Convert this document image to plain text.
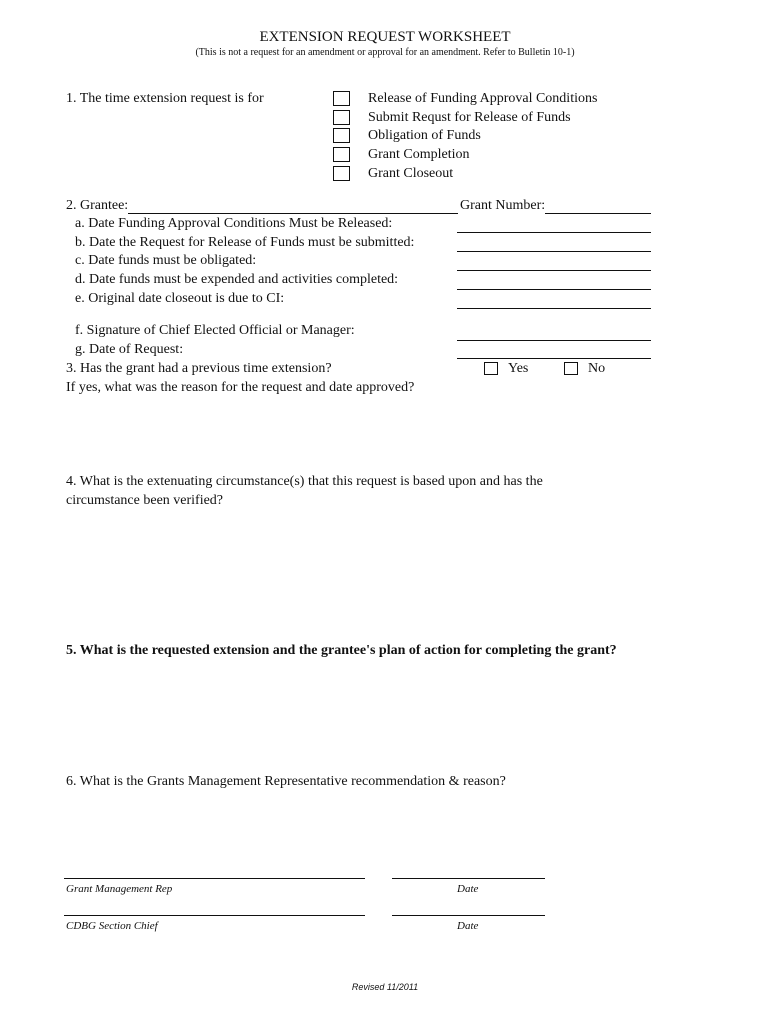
EXTENSION REQUEST WORKSHEET
(This is not a request for an amendment or approval for an amendment. Refer to Bulletin 10-1)
1. The time extension request is for	Release of Funding Approval Conditions
Submit Requst for Release of Funds
Obligation of Funds
Grant Completion
Grant Closeout
2. Grantee:	Grant Number:
a. Date Funding Approval Conditions Must be Released:
b. Date the Request for Release of Funds must be submitted:
c. Date funds must be obligated:
d. Date funds must be expended and activities completed:
e. Original date closeout is due to CI:
f. Signature of Chief Elected Official or Manager:
g. Date of Request:
3. Has the grant had a previous time extension?	Yes	No
If yes, what was the reason for the request and date approved?
4. What is the extenuating circumstance(s) that this request is based upon and has the
circumstance been verified?
5. What is the requested extension and the grantee's plan of action for completing the grant?
6. What is the Grants Management Representative recommendation & reason?
Grant Management Rep	Date
CDBG Section Chief	Date
Revised 11/2011
